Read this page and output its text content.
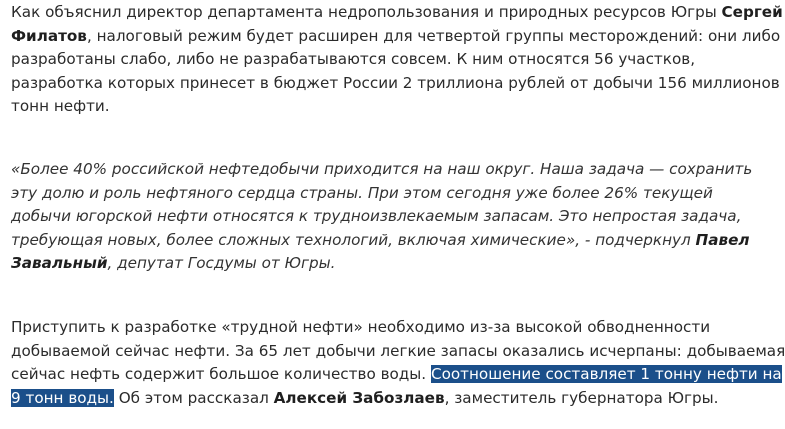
Как объяснил директор департамента недропользования и природных ресурсов Югры Сергей
Филатов, налоговый режим будет расширен для четвертой группы месторождений: они либо
разработаны слабо, либо не разрабатываются совсем. К ним относятся 56 участков,
разработка которых принесет в бюджет России 2 триллиона рублей от добычи 156 миллионов
тонн нефти.

«Более 40% российской нефтедобычи приходится на наш округ. Наша задача — сохранить
эту долю и роль нефтяного сердца страны. При этом сегодня уже более 26% текущей
добычи югорской нефти относятся к трудноизвлекаемым запасам. Это непростая задача,
требующая новых, более сложных технологий, включая химические», - подчеркнул Павел
Завальный, депутат Госдумы от Югры.

Приступить к разработке «трудной нефти» необходимо из-за высокой обводненности
добываемой сейчас нефти. За 65 лет добычи легкие запасы оказались исчерпаны: добываемая
сейчас нефть содержит большое количество воды. Соотношение составляет 1 тонну нефти на
9 тонн воды. Об этом рассказал Алексей Забозлаев, заместитель губернатора Югры.
